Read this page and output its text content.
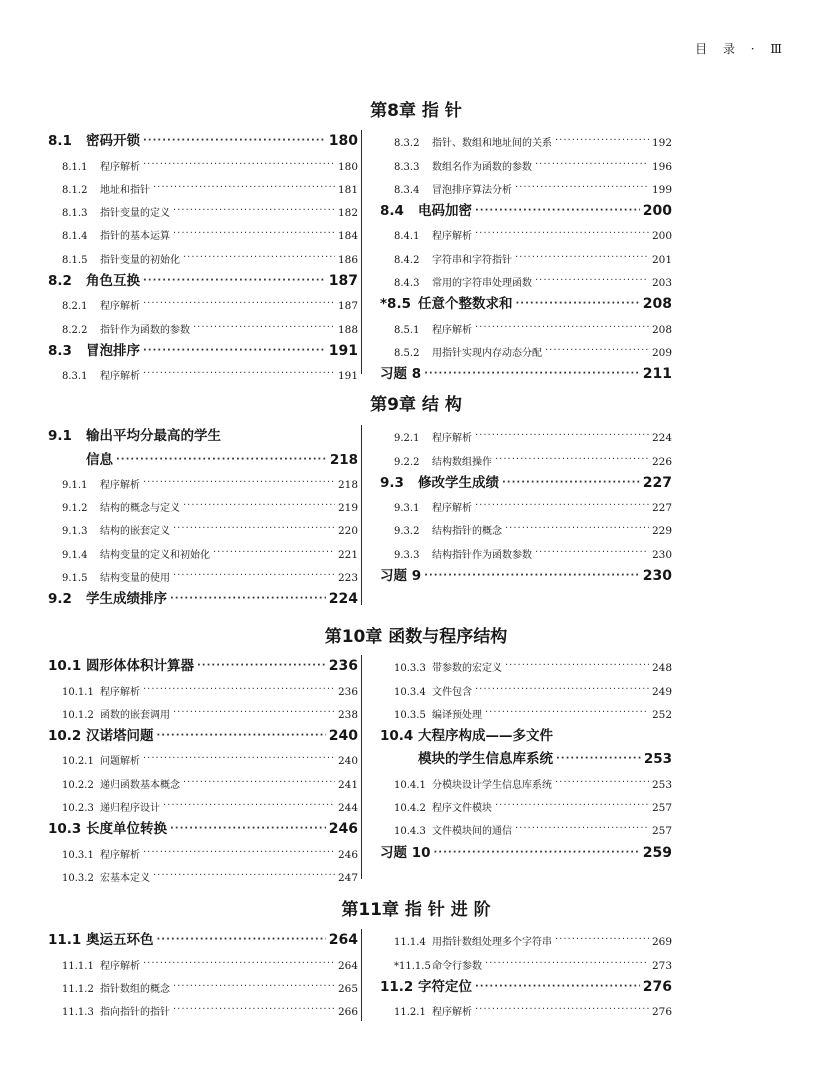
目 录 · Ⅲ
第8章 指 针
8.1	密码开锁 ·····	180
8.1.1	程序解析 ·····	180
8.1.2	地址和指针 ·····	181
8.1.3	指针变量的定义 ·····	182
8.1.4	指针的基本运算 ·····	184
8.1.5	指针变量的初始化 ·····	186
8.2	角色互换 ·····	187
8.2.1	程序解析 ·····	187
8.2.2	指针作为函数的参数 ·····	188
8.3	冒泡排序 ·····	191
8.3.1	程序解析 ·····	191
8.3.2	指针、数组和地址间的关系 ·····	192
8.3.3	数组名作为函数的参数 ·····	196
8.3.4	冒泡排序算法分析 ·····	199
8.4	电码加密 ·····	200
8.4.1	程序解析 ·····	200
8.4.2	字符串和字符指针 ·····	201
8.4.3	常用的字符串处理函数 ·····	203
*8.5 任意个整数求和 ·····	208
8.5.1	程序解析 ·····	208
8.5.2	用指针实现内存动态分配 ·····	209
习题 8 ·····	211
第9章 结 构
9.1	输出平均分最高的学生
信息 ·····	218
9.1.1	程序解析 ·····	218
9.1.2	结构的概念与定义 ·····	219
9.1.3	结构的嵌套定义 ·····	220
9.1.4	结构变量的定义和初始化 ·····	221
9.1.5	结构变量的使用 ·····	223
9.2	学生成绩排序 ·····	224
9.2.1	程序解析 ·····	224
9.2.2	结构数组操作 ·····	226
9.3	修改学生成绩 ·····	227
9.3.1	程序解析 ·····	227
9.3.2	结构指针的概念 ·····	229
9.3.3	结构指针作为函数参数 ·····	230
习题 9 ·····	230
第10章 函数与程序结构
10.1 圆形体体积计算器 ·····	236
10.1.1 程序解析 ·····	236
10.1.2 函数的嵌套调用 ·····	238
10.2 汉诺塔问题 ·····	240
10.2.1 问题解析 ·····	240
10.2.2 递归函数基本概念 ·····	241
10.2.3 递归程序设计 ·····	244
10.3 长度单位转换 ·····	246
10.3.1 程序解析 ·····	246
10.3.2 宏基本定义 ·····	247
10.3.3 带参数的宏定义 ·····	248
10.3.4 文件包含 ·····	249
10.3.5 编译预处理 ·····	252
10.4 大程序构成——多文件
模块的学生信息库系统 ·····	253
10.4.1 分模块设计学生信息库系统 ·····	253
10.4.2 程序文件模块 ·····	257
10.4.3 文件模块间的通信 ·····	257
习题 10 ·····	259
第11章 指 针 进 阶
11.1 奥运五环色 ·····	264
11.1.1 程序解析 ·····	264
11.1.2 指针数组的概念 ·····	265
11.1.3 指向指针的指针 ·····	266
11.1.4 用指针数组处理多个字符串 ·····	269
*11.1.5 命令行参数 ·····	273
11.2 字符定位 ·····	276
11.2.1 程序解析 ·····	276
